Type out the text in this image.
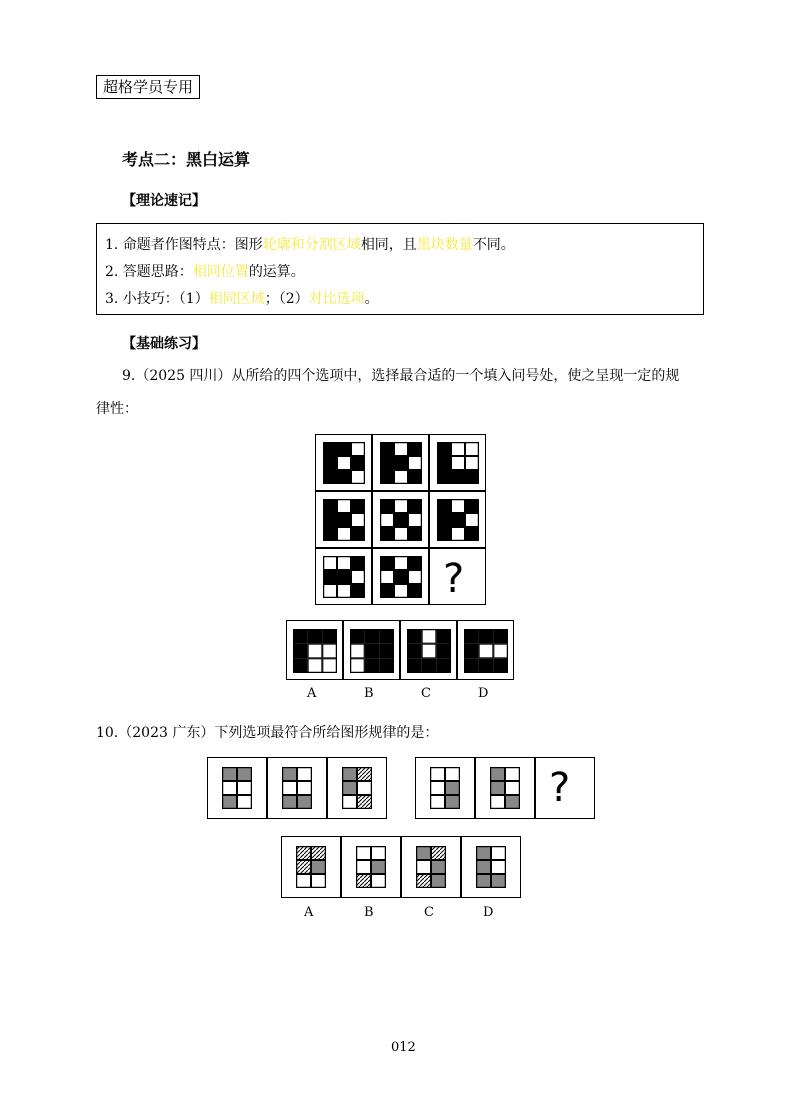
超格学员专用
考点二：黑白运算
【理论速记】
1. 命题者作图特点：图形轮廓和分割区域相同，且黑块数量不同。
2. 答题思路：相同位置的运算。
3. 小技巧：（1）相同区域；（2）对比选项。
【基础练习】
9.（2025 四川）从所给的四个选项中，选择最合适的一个填入问号处，使之呈现一定的规
律性：
?
A	B	C	D
10.（2023 广东）下列选项最符合所给图形规律的是：
?
A	B	C	D
012
